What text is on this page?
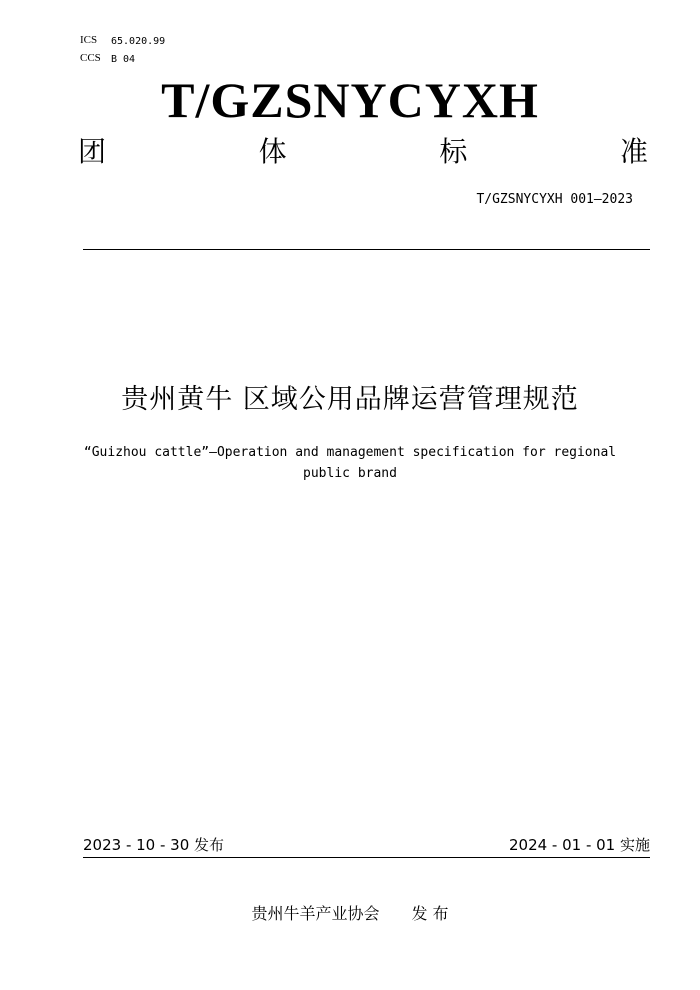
ICS 65.020.99
CCS B 04
T/GZSNYCYXH
团	体	标	准
T/GZSNYCYXH 001—2023
贵州黄牛 区域公用品牌运营管理规范
“Guizhou cattle”—Operation and management specification for regional
public brand
2023 - 10 - 30 发布	2024 - 01 - 01 实施
贵州牛羊产业协会 发 布
